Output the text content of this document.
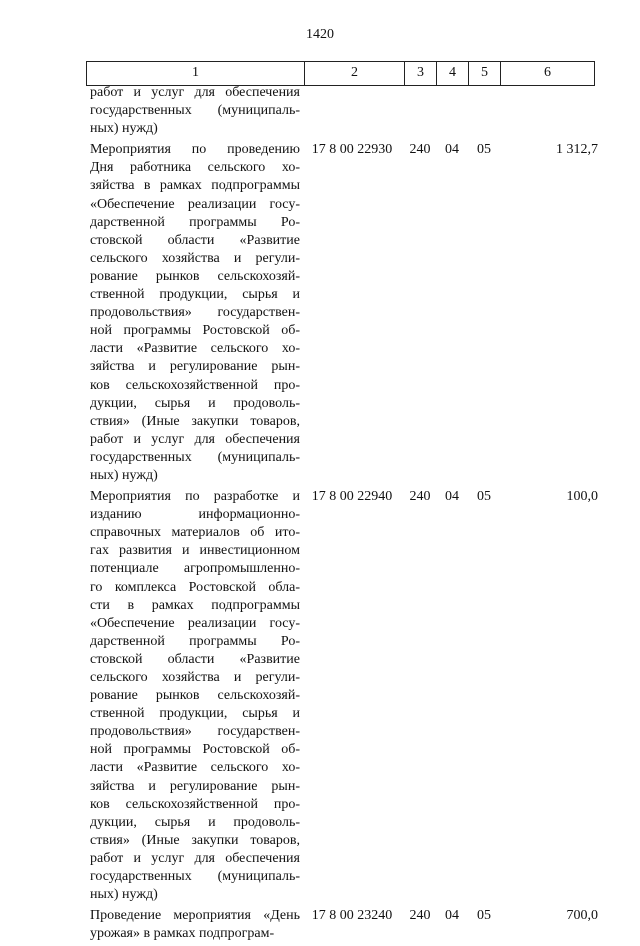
1420
1	2	3	4	5	6
работ и услуг для обеспечения
государственных (муниципаль-
ных) нужд)
Мероприятия по проведению
Дня работника сельского хо-
зяйства в рамках подпрограммы
«Обеспечение реализации госу-
дарственной программы Ро-
стовской области «Развитие
сельского хозяйства и регули-
рование рынков сельскохозяй-
ственной продукции, сырья и
продовольствия» государствен-
ной программы Ростовской об-
ласти «Развитие сельского хо-
зяйства и регулирование рын-
ков сельскохозяйственной про-
дукции, сырья и продоволь-
ствия» (Иные закупки товаров,
работ и услуг для обеспечения
государственных (муниципаль-
ных) нужд)
17 8 00 22930	240	04	05	1 312,7
Мероприятия по разработке и
изданию информационно-
справочных материалов об ито-
гах развития и инвестиционном
потенциале агропромышленно-
го комплекса Ростовской обла-
сти в рамках подпрограммы
«Обеспечение реализации госу-
дарственной программы Ро-
стовской области «Развитие
сельского хозяйства и регули-
рование рынков сельскохозяй-
ственной продукции, сырья и
продовольствия» государствен-
ной программы Ростовской об-
ласти «Развитие сельского хо-
зяйства и регулирование рын-
ков сельскохозяйственной про-
дукции, сырья и продоволь-
ствия» (Иные закупки товаров,
работ и услуг для обеспечения
государственных (муниципаль-
ных) нужд)
17 8 00 22940	240	04	05	100,0
Проведение мероприятия «День
урожая» в рамках подпрограм-
17 8 00 23240	240	04	05	700,0
